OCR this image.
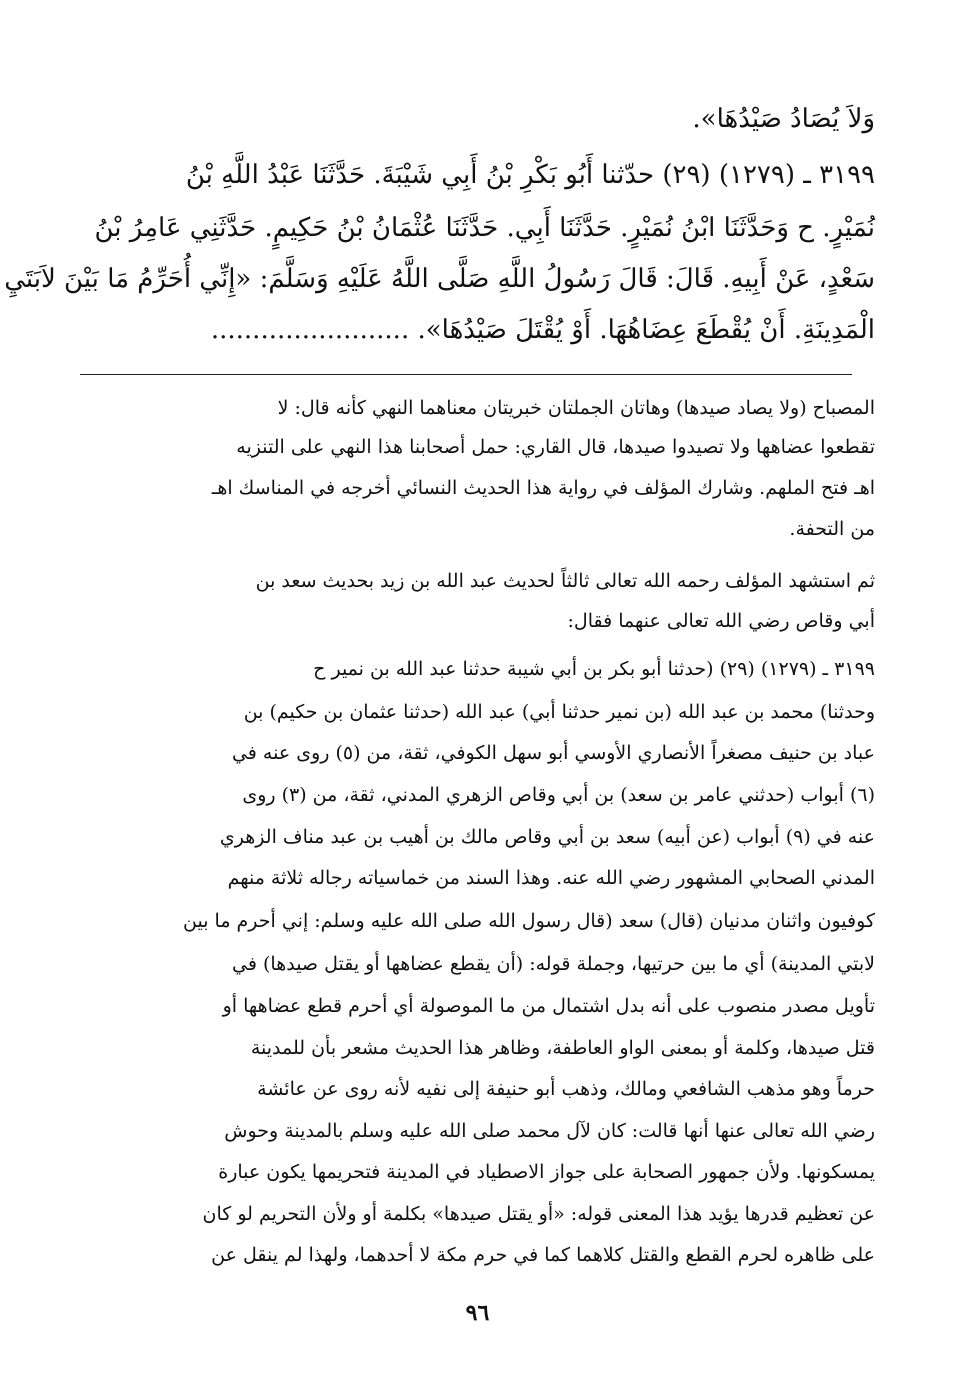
وَلاَ يُصَادُ صَيْدُهَا».
٣١٩٩ ـ (١٢٧٩) (٢٩) حدّثنا أَبُو بَكْرِ بْنُ أَبِي شَيْبَةَ. حَدَّثَنَا عَبْدُ اللَّهِ بْنُ
نُمَيْرٍ. ح وَحَدَّثَنَا ابْنُ نُمَيْرٍ. حَدَّثَنَا أَبِي. حَدَّثَنَا عُثْمَانُ بْنُ حَكِيمٍ. حَدَّثَنِي عَامِرُ بْنُ
سَعْدٍ، عَنْ أَبِيهِ. قَالَ: قَالَ رَسُولُ اللَّهِ صَلَّى اللَّهُ عَلَيْهِ وَسَلَّمَ: «إِنِّي أُحَرِّمُ مَا بَيْنَ لاَبَتَيِ
الْمَدِينَةِ. أَنْ يُقْطَعَ عِضَاهُهَا. أَوْ يُقْتَلَ صَيْدُهَا». ........................
المصباح (ولا يصاد صيدها) وهاتان الجملتان خبريتان معناهما النهي كأنه قال: لا
تقطعوا عضاهها ولا تصيدوا صيدها، قال القاري: حمل أصحابنا هذا النهي على التنزيه
اهـ فتح الملهم. وشارك المؤلف في رواية هذا الحديث النسائي أخرجه في المناسك اهـ
من التحفة.
ثم استشهد المؤلف رحمه الله تعالى ثالثاً لحديث عبد الله بن زيد بحديث سعد بن
أبي وقاص رضي الله تعالى عنهما فقال:
٣١٩٩ ـ (١٢٧٩) (٢٩) (حدثنا أبو بكر بن أبي شيبة حدثنا عبد الله بن نمير ح
وحدثنا) محمد بن عبد الله (بن نمير حدثنا أبي) عبد الله (حدثنا عثمان بن حكيم) بن
عباد بن حنيف مصغراً الأنصاري الأوسي أبو سهل الكوفي، ثقة، من (٥) روى عنه في
(٦) أبواب (حدثني عامر بن سعد) بن أبي وقاص الزهري المدني، ثقة، من (٣) روى
عنه في (٩) أبواب (عن أبيه) سعد بن أبي وقاص مالك بن أهيب بن عبد مناف الزهري
المدني الصحابي المشهور رضي الله عنه. وهذا السند من خماسياته رجاله ثلاثة منهم
كوفيون واثنان مدنيان (قال) سعد (قال رسول الله صلى الله عليه وسلم: إني أحرم ما بين
لابتي المدينة) أي ما بين حرتيها، وجملة قوله: (أن يقطع عضاهها أو يقتل صيدها) في
تأويل مصدر منصوب على أنه بدل اشتمال من ما الموصولة أي أحرم قطع عضاهها أو
قتل صيدها، وكلمة أو بمعنى الواو العاطفة، وظاهر هذا الحديث مشعر بأن للمدينة
حرماً وهو مذهب الشافعي ومالك، وذهب أبو حنيفة إلى نفيه لأنه روى عن عائشة
رضي الله تعالى عنها أنها قالت: كان لآل محمد صلى الله عليه وسلم بالمدينة وحوش
يمسكونها. ولأن جمهور الصحابة على جواز الاصطياد في المدينة فتحريمها يكون عبارة
عن تعظيم قدرها يؤيد هذا المعنى قوله: «أو يقتل صيدها» بكلمة أو ولأن التحريم لو كان
على ظاهره لحرم القطع والقتل كلاهما كما في حرم مكة لا أحدهما، ولهذا لم ينقل عن
٩٦
